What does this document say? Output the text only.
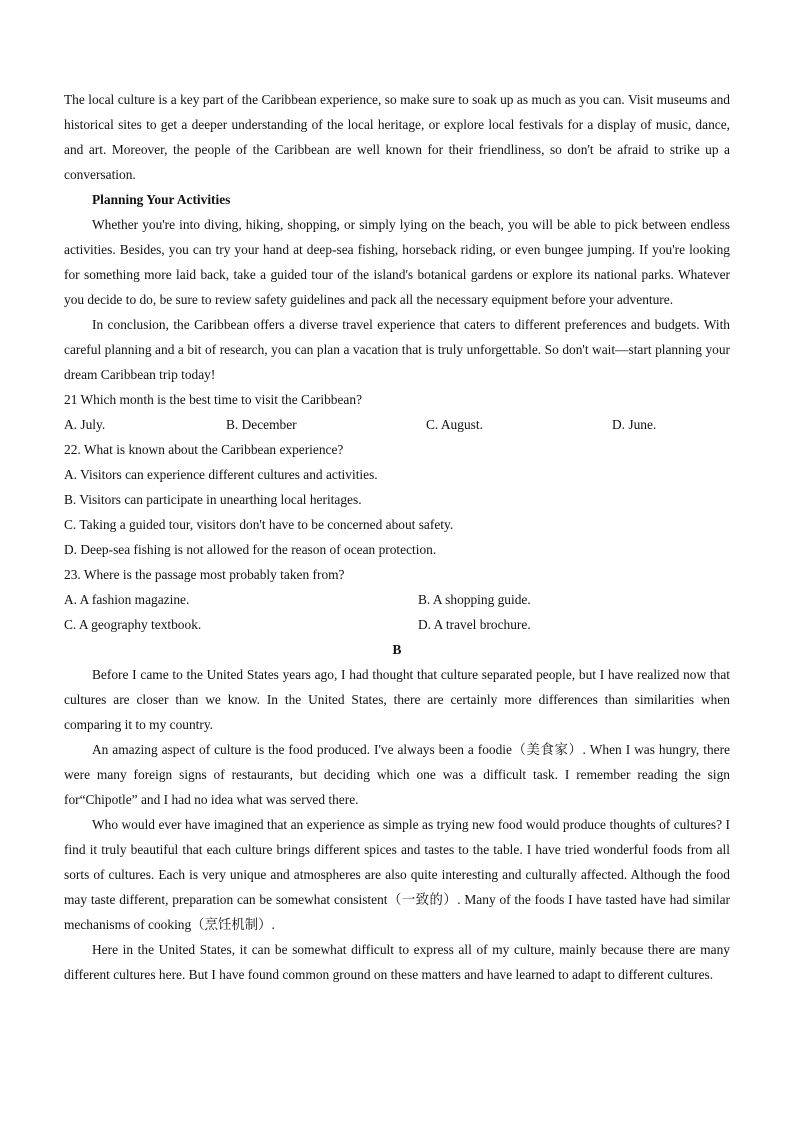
The local culture is a key part of the Caribbean experience, so make sure to soak up as much as you can. Visit museums and historical sites to get a deeper understanding of the local heritage, or explore local festivals for a display of music, dance, and art. Moreover, the people of the Caribbean are well known for their friendliness, so don't be afraid to strike up a conversation.

Planning Your Activities

Whether you're into diving, hiking, shopping, or simply lying on the beach, you will be able to pick between endless activities. Besides, you can try your hand at deep-sea fishing, horseback riding, or even bungee jumping. If you're looking for something more laid back, take a guided tour of the island's botanical gardens or explore its national parks. Whatever you decide to do, be sure to review safety guidelines and pack all the necessary equipment before your adventure.

In conclusion, the Caribbean offers a diverse travel experience that caters to different preferences and budgets. With careful planning and a bit of research, you can plan a vacation that is truly unforgettable. So don't wait—start planning your dream Caribbean trip today!

21 Which month is the best time to visit the Caribbean?

A. July.	B. December	C. August.	D. June.

22. What is known about the Caribbean experience?

A. Visitors can experience different cultures and activities.

B. Visitors can participate in unearthing local heritages.

C. Taking a guided tour, visitors don't have to be concerned about safety.

D. Deep-sea fishing is not allowed for the reason of ocean protection.

23. Where is the passage most probably taken from?

A. A fashion magazine.	B. A shopping guide.
C. A geography textbook.	D. A travel brochure.

B

Before I came to the United States years ago, I had thought that culture separated people, but I have realized now that cultures are closer than we know. In the United States, there are certainly more differences than similarities when comparing it to my country.

An amazing aspect of culture is the food produced. I've always been a foodie（美食家）. When I was hungry, there were many foreign signs of restaurants, but deciding which one was a difficult task. I remember reading the sign for“Chipotle” and I had no idea what was served there.

Who would ever have imagined that an experience as simple as trying new food would produce thoughts of cultures? I find it truly beautiful that each culture brings different spices and tastes to the table. I have tried wonderful foods from all sorts of cultures. Each is very unique and atmospheres are also quite interesting and culturally affected. Although the food may taste different, preparation can be somewhat consistent（一致的）. Many of the foods I have tasted have had similar mechanisms of cooking（烹饪机制）.

Here in the United States, it can be somewhat difficult to express all of my culture, mainly because there are many different cultures here. But I have found common ground on these matters and have learned to adapt to different cultures.
